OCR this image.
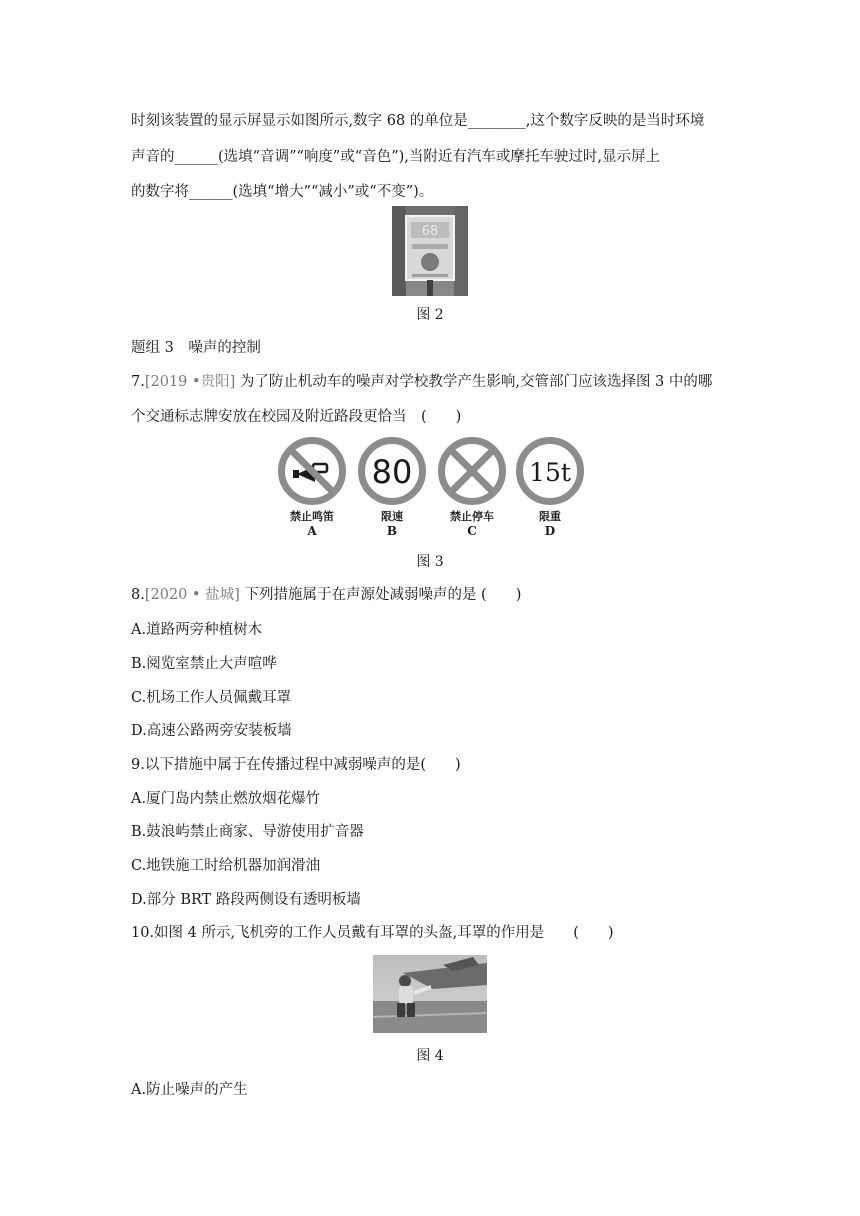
时刻该装置的显示屏显示如图所示,数字 68 的单位是________,这个数字反映的是当时环境
声音的______(选填“音调”“响度”或“音色”),当附近有汽车或摩托车驶过时,显示屏上
的数字将______(选填“增大”“减小”或“不变”)。
68
图 2
题组 3　噪声的控制
7.[2019 •贵阳] 为了防止机动车的噪声对学校教学产生影响,交管部门应该选择图 3 中的哪
个交通标志牌安放在校园及附近路段更恰当　(　　)
禁止鸣笛
A
80
限速
B
禁止停车
C
15t
限重
D
图 3
8.[2020 • 盐城] 下列措施属于在声源处减弱噪声的是 (　　)
A.道路两旁种植树木
B.阅览室禁止大声喧哗
C.机场工作人员佩戴耳罩
D.高速公路两旁安装板墙
9.以下措施中属于在传播过程中减弱噪声的是(　　)
A.厦门岛内禁止燃放烟花爆竹
B.鼓浪屿禁止商家、导游使用扩音器
C.地铁施工时给机器加润滑油
D.部分 BRT 路段两侧设有透明板墙
10.如图 4 所示,飞机旁的工作人员戴有耳罩的头盔,耳罩的作用是　　(　　)
图 4
A.防止噪声的产生
